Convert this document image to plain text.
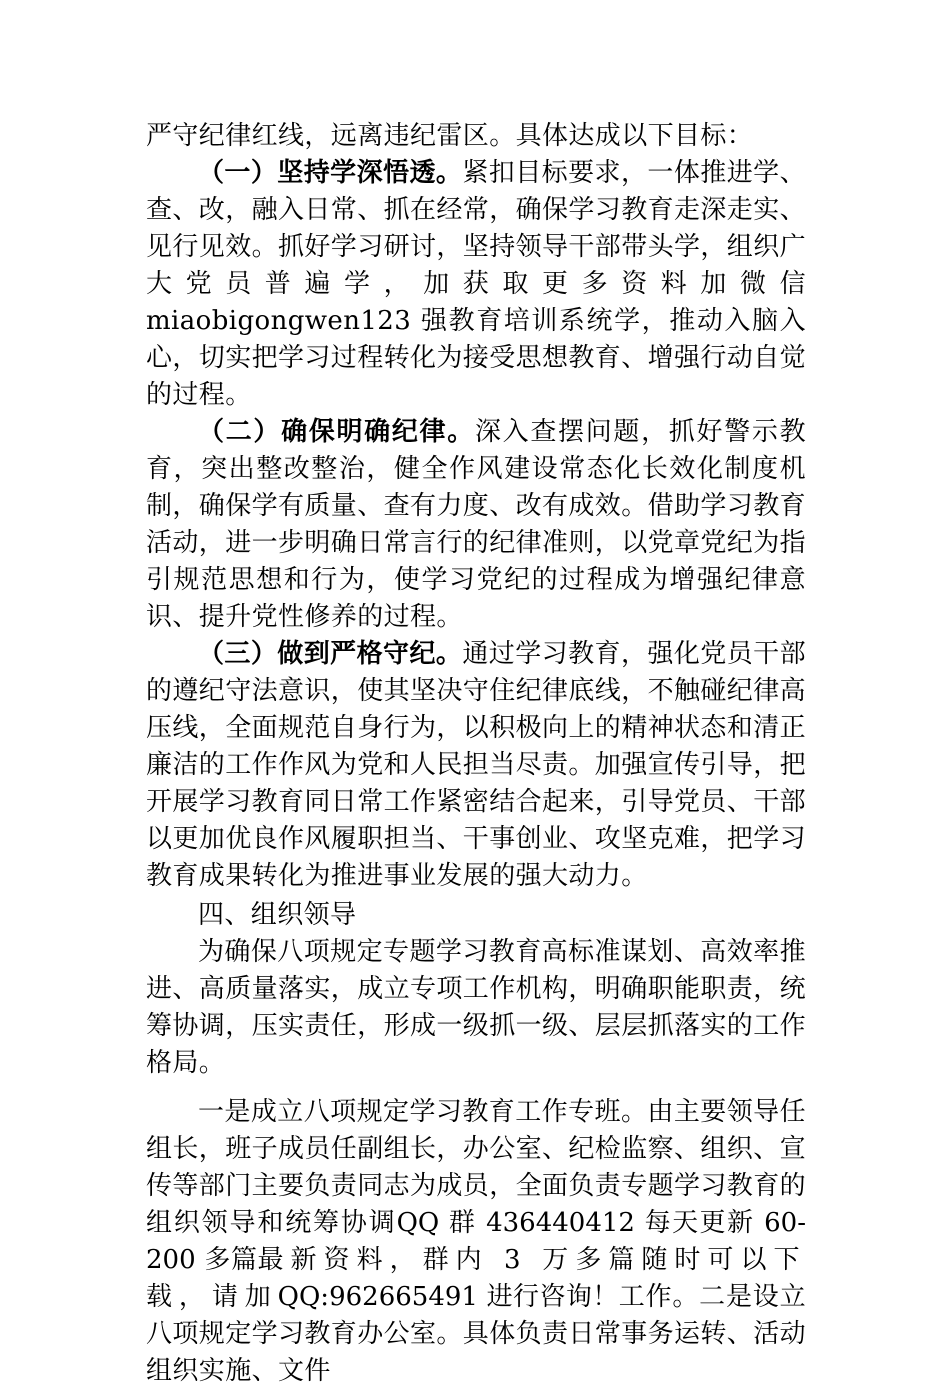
严守纪律红线，远离违纪雷区。具体达成以下目标：

（一）坚持学深悟透。紧扣目标要求，一体推进学、查、改，融入日常、抓在经常，确保学习教育走深走实、见行见效。抓好学习研讨，坚持领导干部带头学，组织广大党员普遍学，加获取更多资料加微信 miaobigongwen123 强教育培训系统学，推动入脑入心，切实把学习过程转化为接受思想教育、增强行动自觉的过程。

（二）确保明确纪律。深入查摆问题，抓好警示教育，突出整改整治，健全作风建设常态化长效化制度机制，确保学有质量、查有力度、改有成效。借助学习教育活动，进一步明确日常言行的纪律准则，以党章党纪为指引规范思想和行为，使学习党纪的过程成为增强纪律意识、提升党性修养的过程。

（三）做到严格守纪。通过学习教育，强化党员干部的遵纪守法意识，使其坚决守住纪律底线，不触碰纪律高压线，全面规范自身行为，以积极向上的精神状态和清正廉洁的工作作风为党和人民担当尽责。加强宣传引导，把开展学习教育同日常工作紧密结合起来，引导党员、干部以更加优良作风履职担当、干事创业、攻坚克难，把学习教育成果转化为推进事业发展的强大动力。

四、组织领导

为确保八项规定专题学习教育高标准谋划、高效率推进、高质量落实，成立专项工作机构，明确职能职责，统筹协调，压实责任，形成一级抓一级、层层抓落实的工作格局。

一是成立八项规定学习教育工作专班。由主要领导任组长，班子成员任副组长，办公室、纪检监察、组织、宣传等部门主要负责同志为成员，全面负责专题学习教育的组织领导和统筹协调QQ 群 436440412 每天更新 60-200 多篇最新资料，群内 3 万多篇随时可以下载，请加QQ:962665491 进行咨询！工作。二是设立八项规定学习教育办公室。具体负责日常事务运转、活动组织实施、文件
